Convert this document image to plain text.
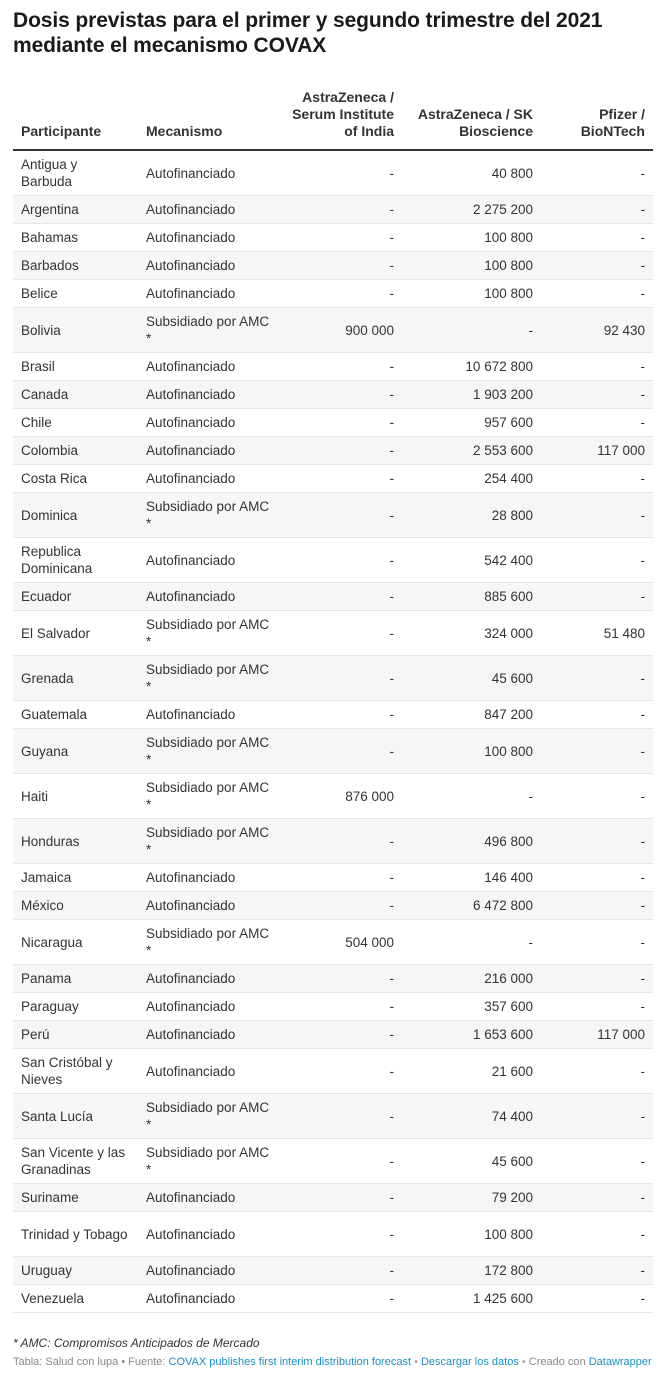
Dosis previstas para el primer y segundo trimestre del 2021 mediante el mecanismo COVAX
Participante	Mecanismo	AstraZeneca / Serum Institute of India	AstraZeneca / SK Bioscience	Pfizer / BioNTech
Antigua y Barbuda	Autofinanciado	-	40 800	-
Argentina	Autofinanciado	-	2 275 200	-
Bahamas	Autofinanciado	-	100 800	-
Barbados	Autofinanciado	-	100 800	-
Belice	Autofinanciado	-	100 800	-
Bolivia	Subsidiado por AMC *	900 000	-	92 430
Brasil	Autofinanciado	-	10 672 800	-
Canada	Autofinanciado	-	1 903 200	-
Chile	Autofinanciado	-	957 600	-
Colombia	Autofinanciado	-	2 553 600	117 000
Costa Rica	Autofinanciado	-	254 400	-
Dominica	Subsidiado por AMC *	-	28 800	-
Republica Dominicana	Autofinanciado	-	542 400	-
Ecuador	Autofinanciado	-	885 600	-
El Salvador	Subsidiado por AMC *	-	324 000	51 480
Grenada	Subsidiado por AMC *	-	45 600	-
Guatemala	Autofinanciado	-	847 200	-
Guyana	Subsidiado por AMC *	-	100 800	-
Haiti	Subsidiado por AMC *	876 000	-	-
Honduras	Subsidiado por AMC *	-	496 800	-
Jamaica	Autofinanciado	-	146 400	-
México	Autofinanciado	-	6 472 800	-
Nicaragua	Subsidiado por AMC *	504 000	-	-
Panama	Autofinanciado	-	216 000	-
Paraguay	Autofinanciado	-	357 600	-
Perú	Autofinanciado	-	1 653 600	117 000
San Cristóbal y Nieves	Autofinanciado	-	21 600	-
Santa Lucía	Subsidiado por AMC *	-	74 400	-
San Vicente y las Granadinas	Subsidiado por AMC *	-	45 600	-
Suriname	Autofinanciado	-	79 200	-
Trinidad y Tobago	Autofinanciado	-	100 800	-
Uruguay	Autofinanciado	-	172 800	-
Venezuela	Autofinanciado	-	1 425 600	-
* AMC: Compromisos Anticipados de Mercado
Tabla: Salud con lupa • Fuente: COVAX publishes first interim distribution forecast • Descargar los datos • Creado con Datawrapper
